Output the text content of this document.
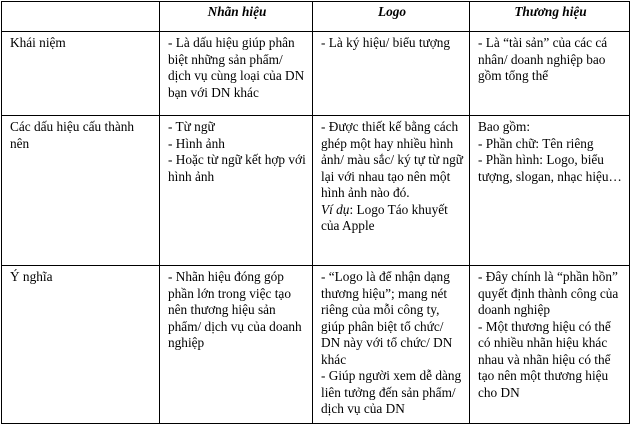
	Nhãn hiệu	Logo	Thương hiệu
Khái niệm	- Là dấu hiệu giúp phân biệt những sản phẩm/ dịch vụ cùng loại của DN bạn với DN khác	- Là ký hiệu/ biểu tượng	- Là “tài sản” của các cá nhân/ doanh nghiệp bao gồm tổng thể

Các dấu hiệu cấu thành nên	- Từ ngữ
- Hình ảnh
- Hoặc từ ngữ kết hợp với hình ảnh	- Được thiết kế bằng cách ghép một hay nhiều hình ảnh/ màu sắc/ ký tự từ ngữ lại với nhau tạo nên một hình ảnh nào đó.
Ví dụ: Logo Táo khuyết của Apple	Bao gồm:
- Phần chữ: Tên riêng
- Phần hình: Logo, biểu tượng, slogan, nhạc hiệu…

Ý nghĩa	- Nhãn hiệu đóng góp phần lớn trong việc tạo nên thương hiệu sản phẩm/ dịch vụ của doanh nghiệp	- “Logo là để nhận dạng thương hiệu”; mang nét riêng của mỗi công ty, giúp phân biệt tổ chức/ DN này với tổ chức/ DN khác
- Giúp người xem dễ dàng liên tưởng đến sản phẩm/ dịch vụ của DN	- Đây chính là “phần hồn” quyết định thành công của doanh nghiệp
- Một thương hiệu có thể có nhiều nhãn hiệu khác nhau và nhãn hiệu có thể tạo nên một thương hiệu cho DN
